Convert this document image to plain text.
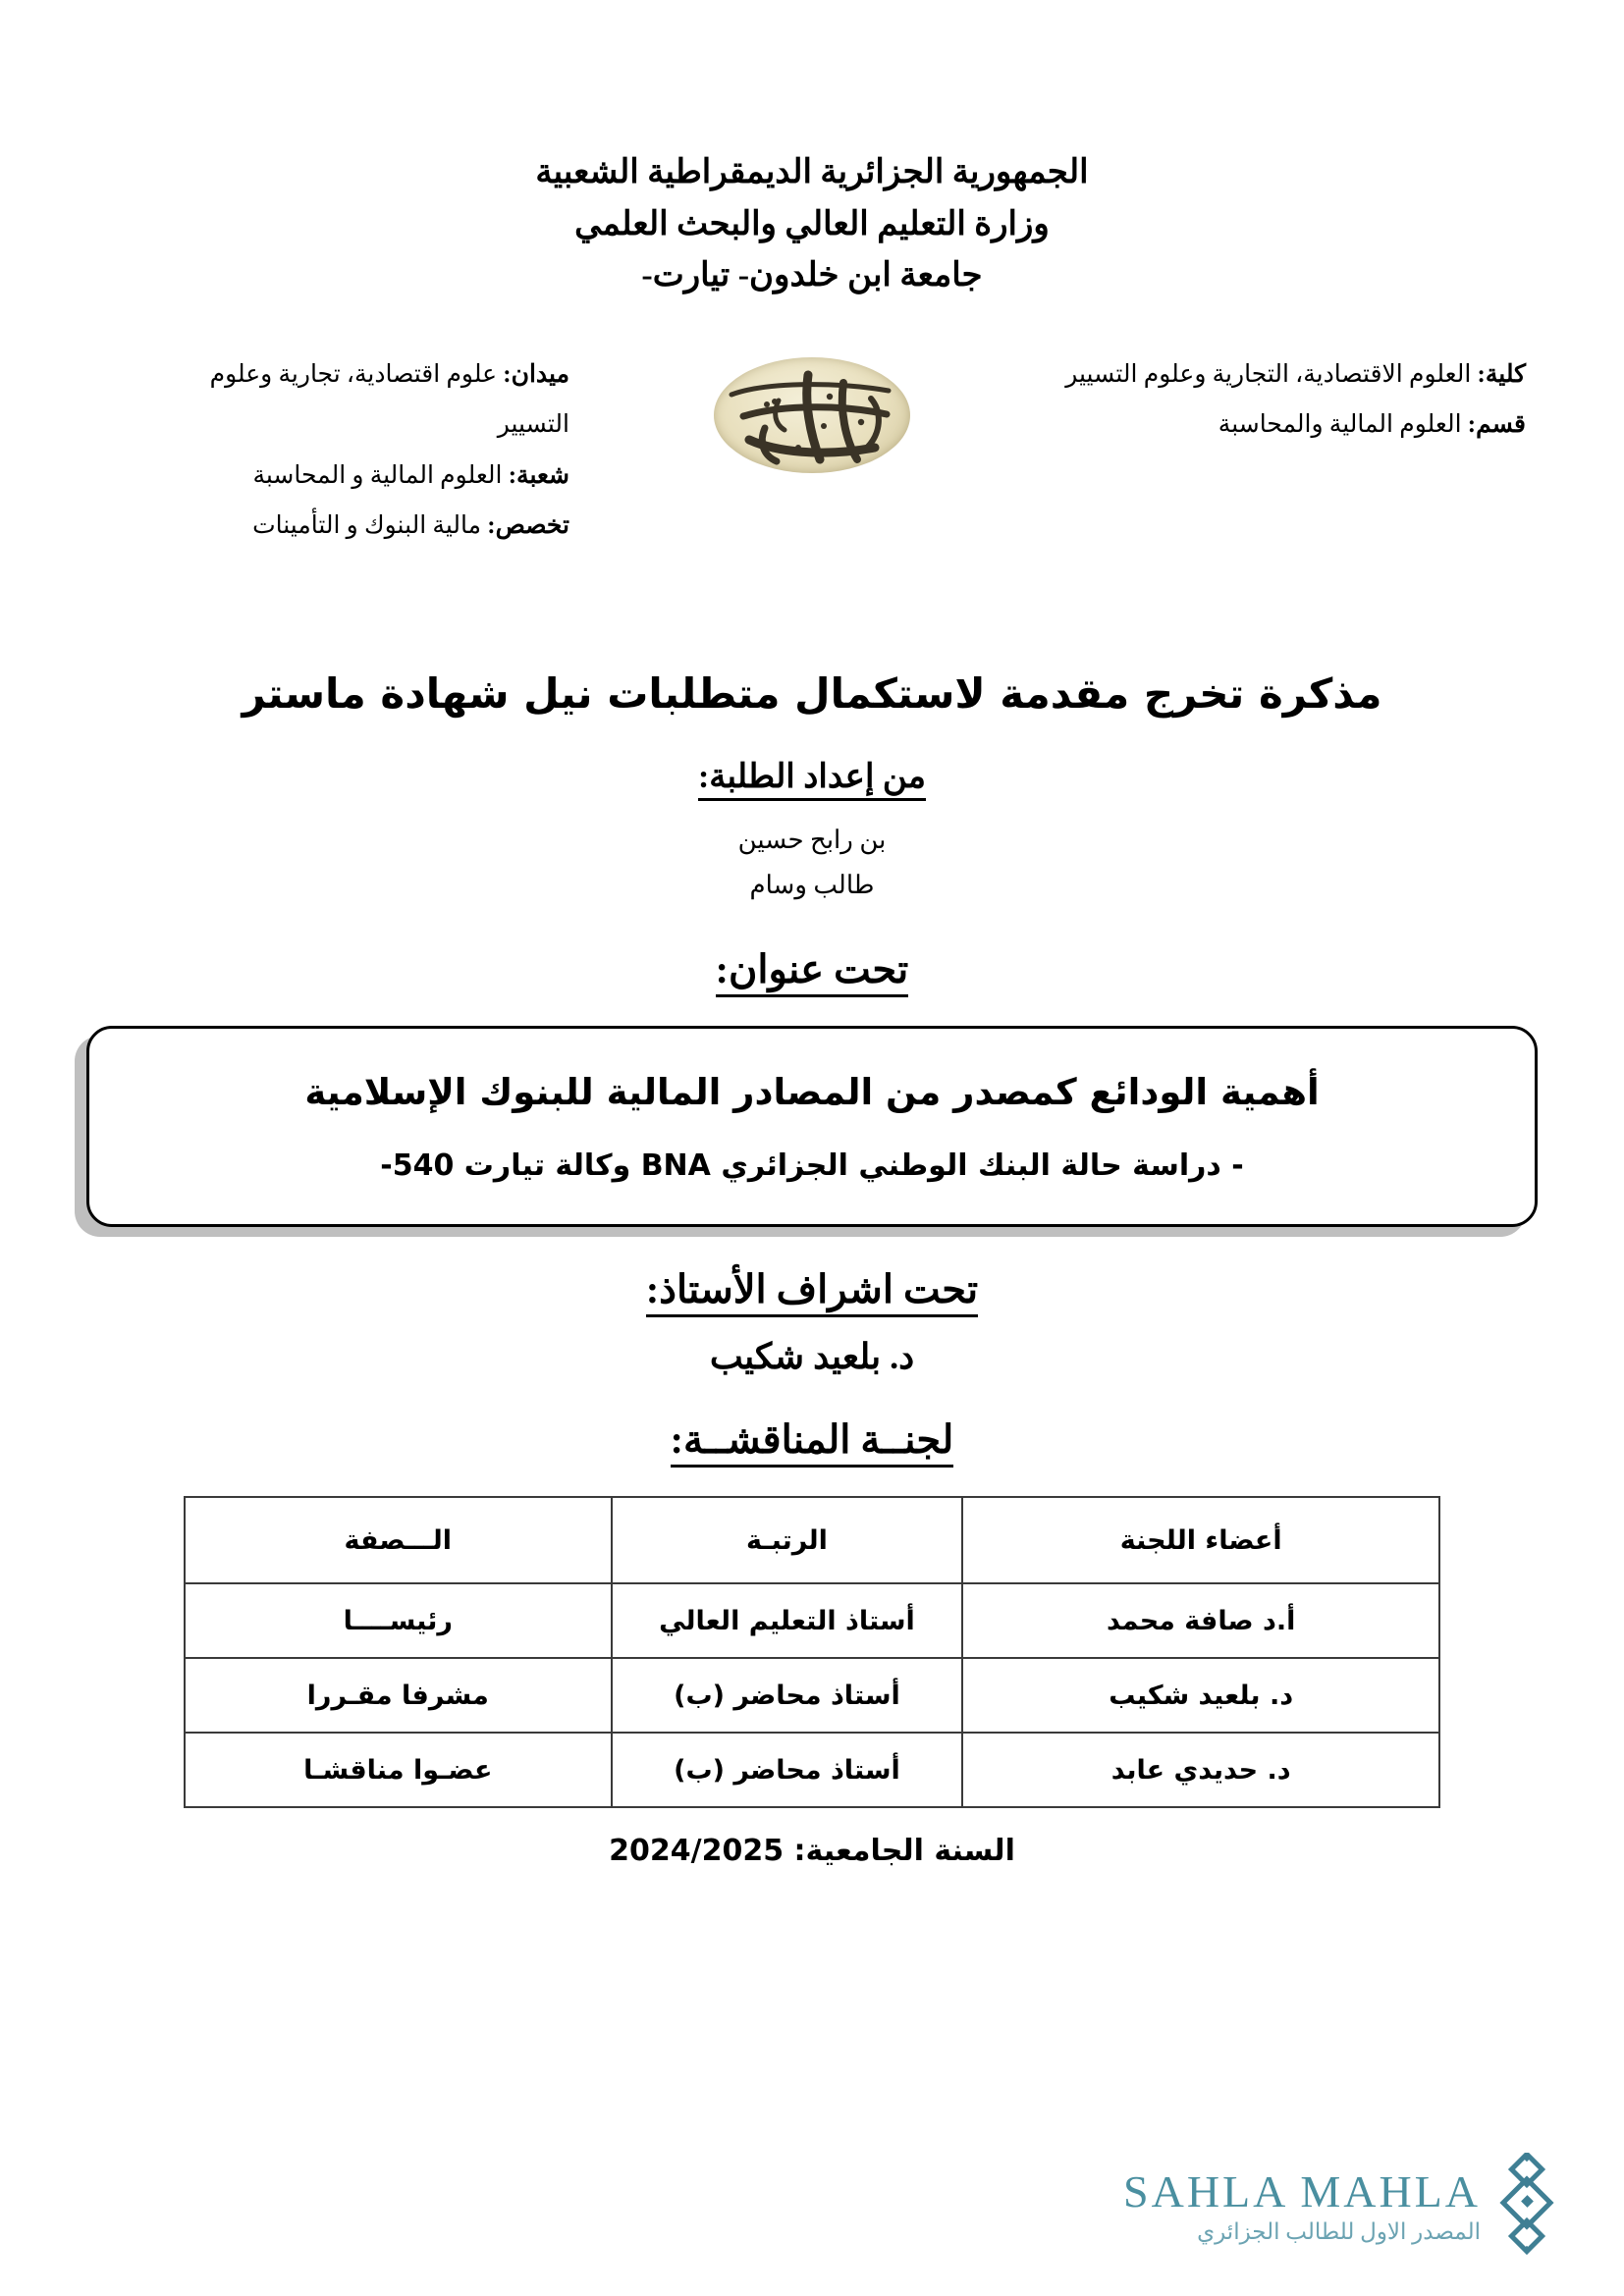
الجمهورية الجزائرية الديمقراطية الشعبية
وزارة التعليم العالي والبحث العلمي
جامعة ابن خلدون- تيارت-
كلية: العلوم الاقتصادية، التجارية وعلوم التسيير
قسم: العلوم المالية والمحاسبة
ميدان: علوم اقتصادية، تجارية وعلوم التسيير
شعبة: العلوم المالية و المحاسبة
تخصص: مالية البنوك و التأمينات
مذكرة تخرج مقدمة لاستكمال متطلبات نيل شهادة ماستر
من إعداد الطلبة:
بن رابح حسين
طالب وسام
تحت عنوان:
أهمية الودائع كمصدر من المصادر المالية للبنوك الإسلامية
- دراسة حالة البنك الوطني الجزائري BNA وكالة تيارت 540-
تحت اشراف الأستاذ:
د. بلعيد شكيب
لجنــة المناقشــة:
أعضاء اللجنة	الرتبـة	الـــصفة
أ.د صافة محمد	أستاذ التعليم العالي	رئيســــا
د. بلعيد شكيب	أستاذ محاضر (ب)	مشرفا مقـررا
د. حديدي عابد	أستاذ محاضر (ب)	عضـوا مناقشـا
السنة الجامعية: 2024/2025
SAHLA MAHLA
المصدر الاول للطالب الجزائري
